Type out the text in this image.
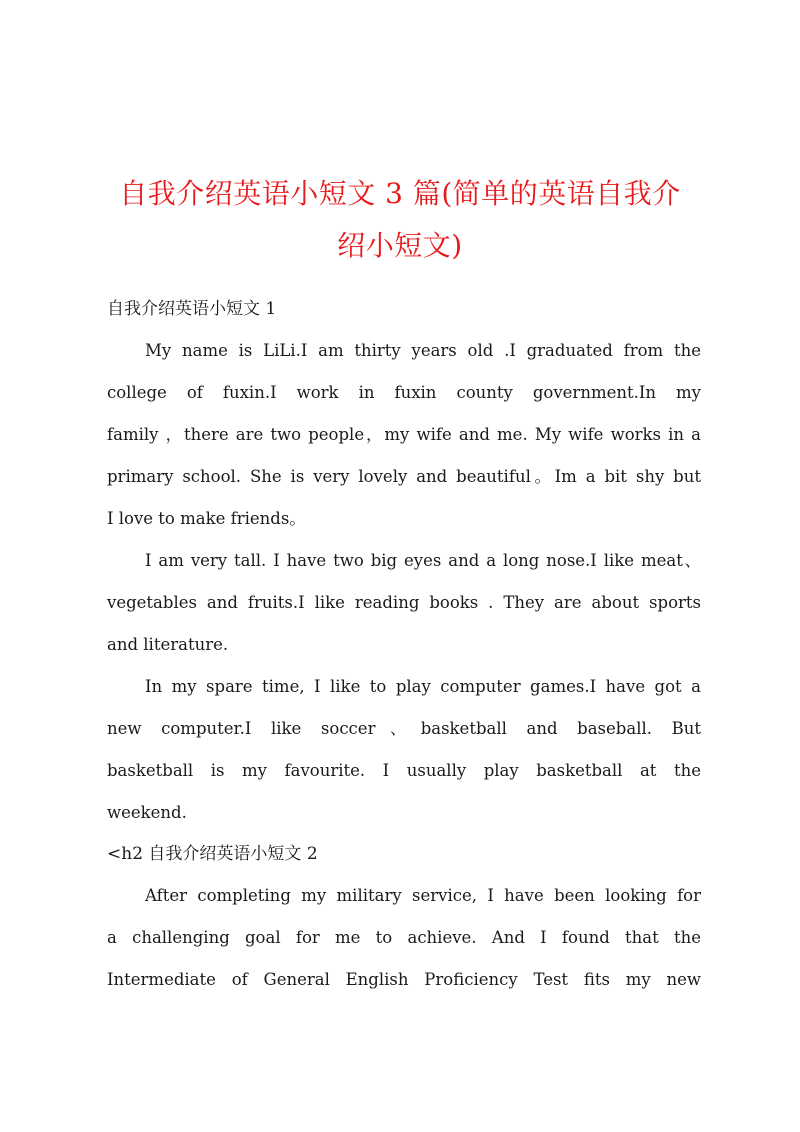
自我介绍英语小短文 3 篇(简单的英语自我介
绍小短文)
自我介绍英语小短文 1
My name is LiLi.I am thirty years old .I graduated from the
college of fuxin.I work in fuxin county government.In my
family ，there are two people，my wife and me. My wife works in a
primary school. She is very lovely and beautiful。Im a bit shy but
I love to make friends。
I am very tall. I have two big eyes and a long nose.I like meat、
vegetables and fruits.I like reading books . They are about sports
and literature.
In my spare time, I like to play computer games.I have got a
new computer.I like soccer、basketball and baseball. But
basketball is my favourite. I usually play basketball at the
weekend.
<h2 自我介绍英语小短文 2
After completing my military service, I have been looking for
a challenging goal for me to achieve. And I found that the
Intermediate of General English Proficiency Test fits my new
